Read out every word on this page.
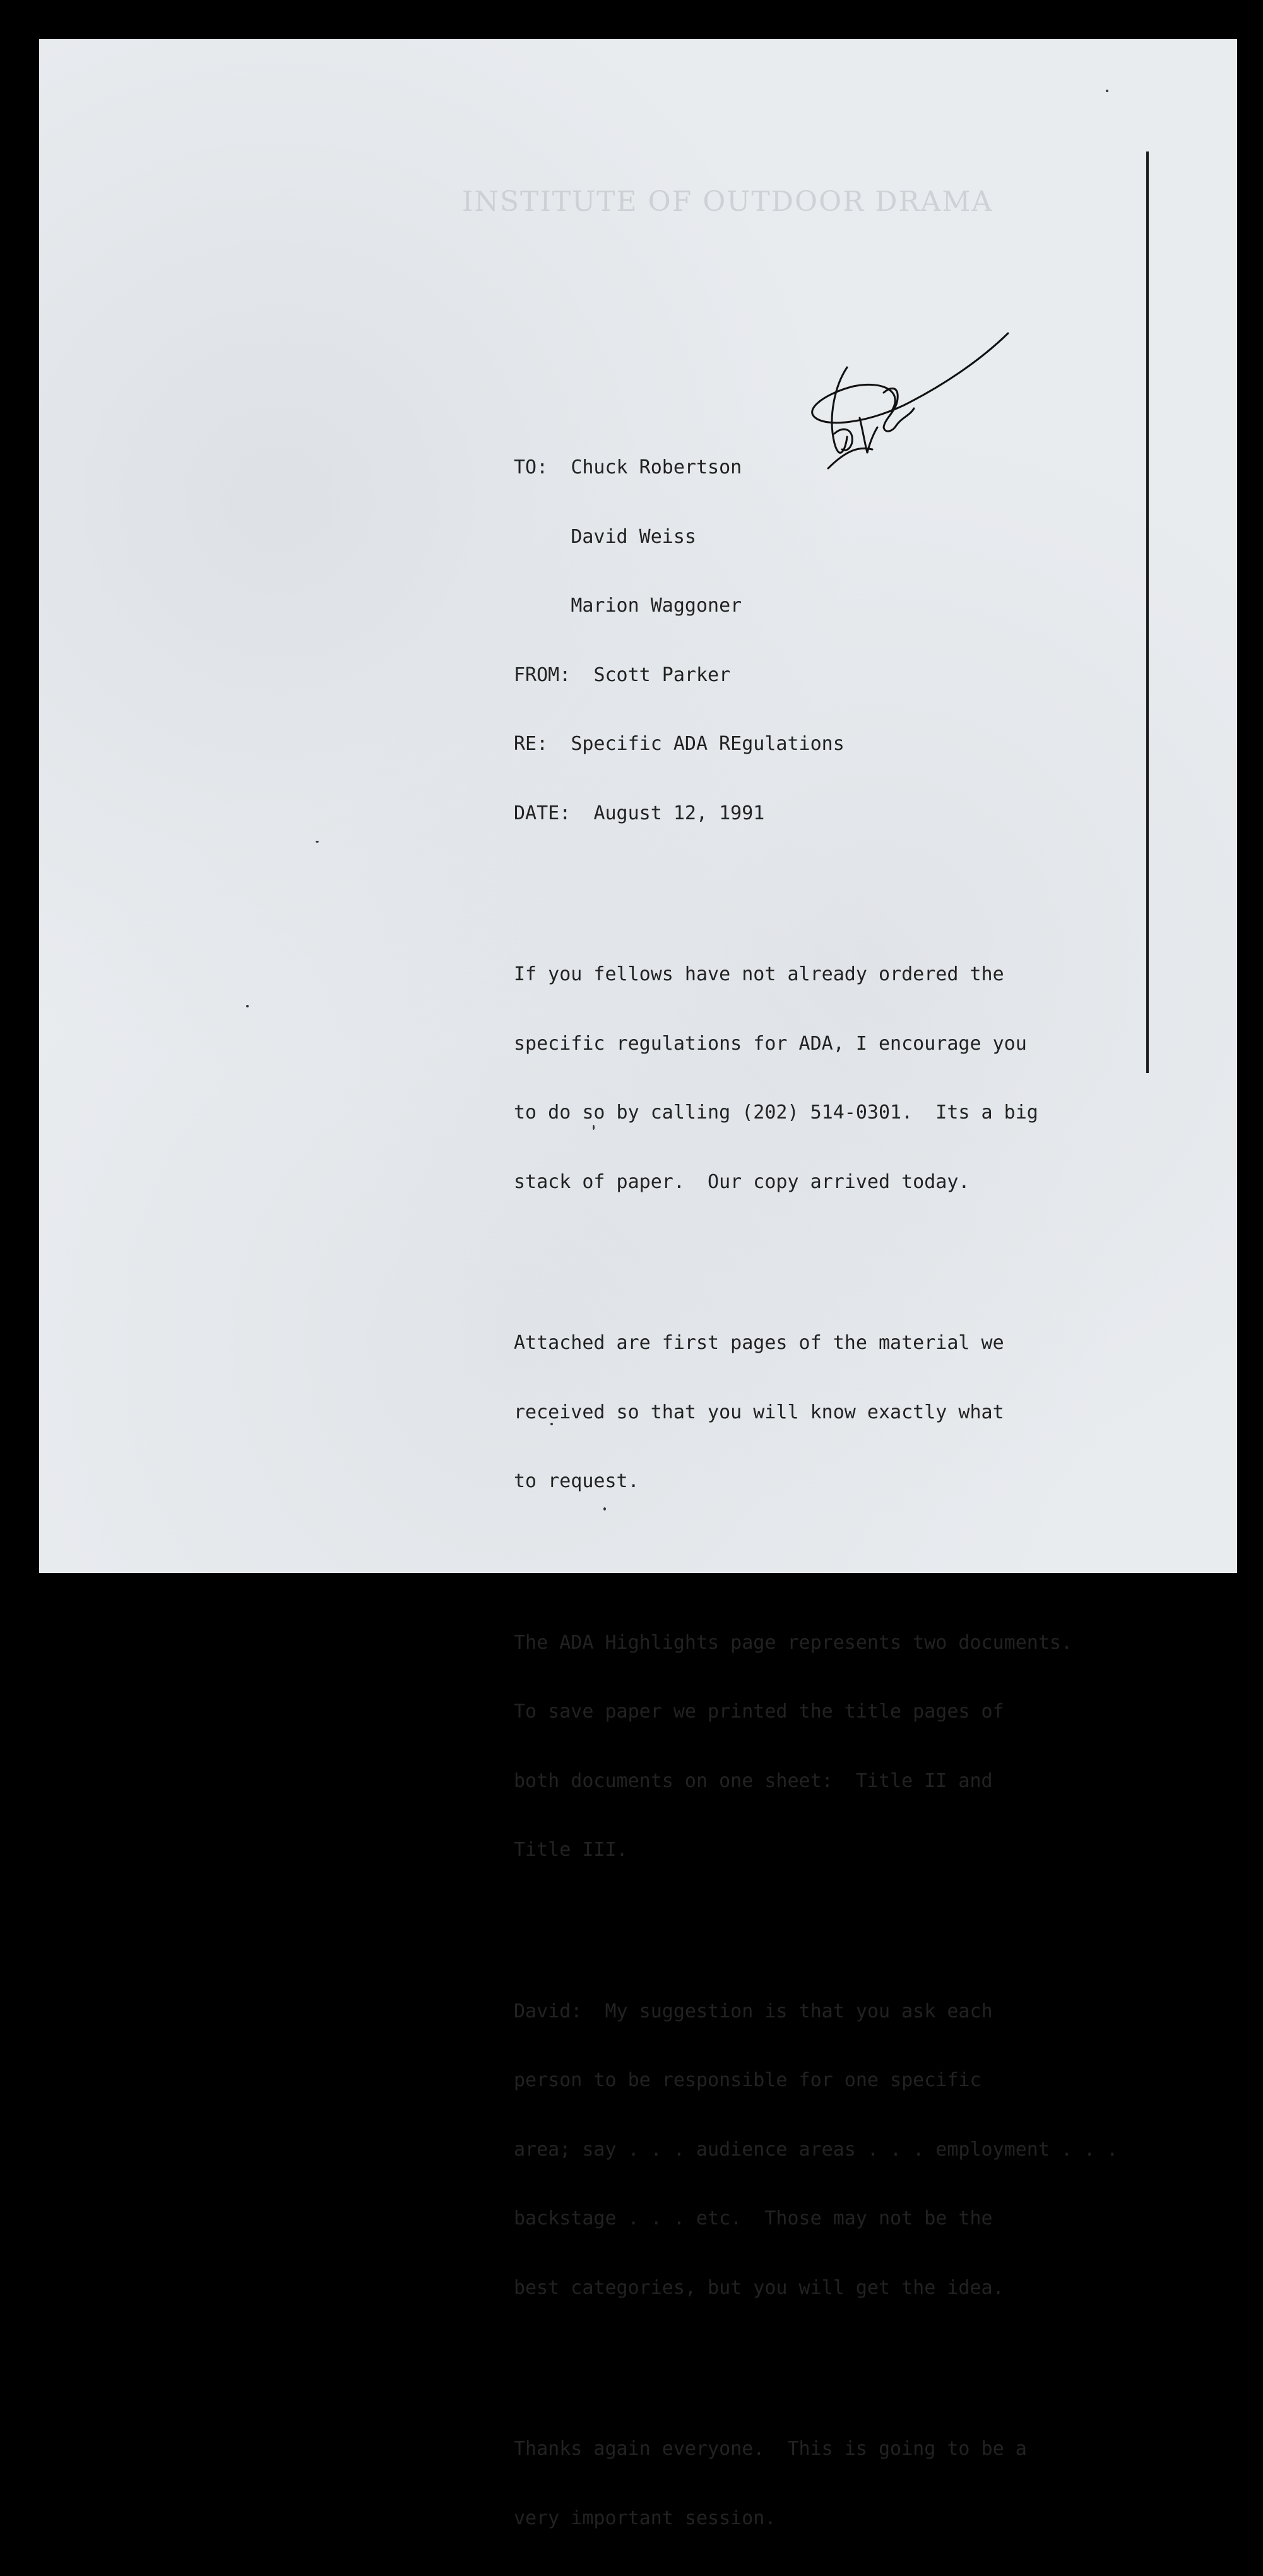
INSTITUTE OF OUTDOOR DRAMA

TO: Chuck Robertson

David Weiss

Marion Waggoner

FROM: Scott Parker

RE: Specific ADA REgulations

DATE: August 12, 1991

If you fellows have not already ordered the

specific regulations for ADA, I encourage you

to do so by calling (202) 514-0301.  Its a big

stack of paper.  Our copy arrived today.

Attached are first pages of the material we

received so that you will know exactly what

to request.

The ADA Highlights page represents two documents.

To save paper we printed the title pages of

both documents on one sheet:  Title II and

Title III.

David:  My suggestion is that you ask each

person to be responsible for one specific

area; say . . . audience areas . . . employment . . .

backstage . . . etc.  Those may not be the

best categories, but you will get the idea.

Thanks again everyone.  This is going to be a

very important session.
